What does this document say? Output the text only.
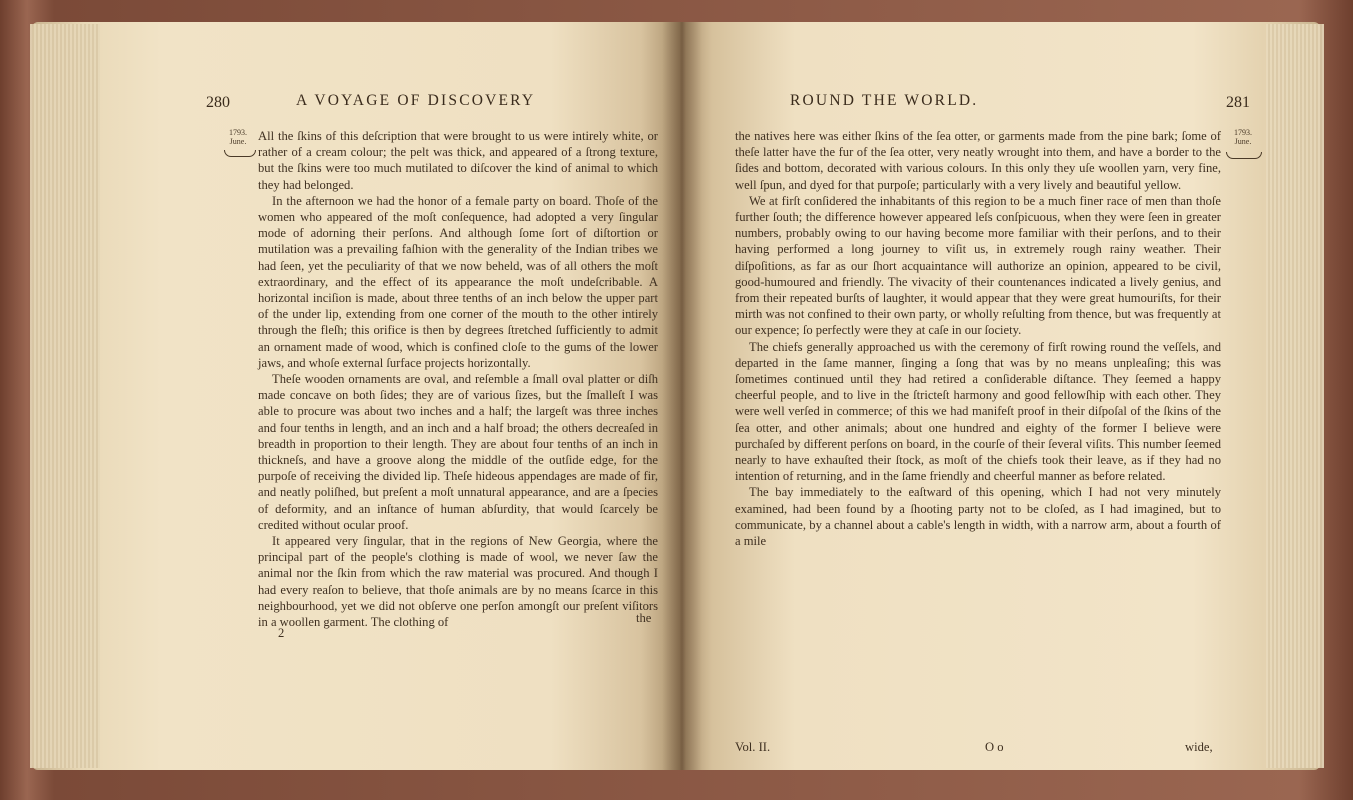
280	A VOYAGE OF DISCOVERY
1793.
June. All the ſkins of this deſcription that were brought to us were intirely white, or rather of a cream colour; the pelt was thick, and appeared of a ſtrong texture, but the ſkins were too much mutilated to diſcover the kind of animal to which they had belonged.

In the afternoon we had the honor of a female party on board. Thoſe of the women who appeared of the moſt conſequence, had adopted a very ſingular mode of adorning their perſons. And although ſome ſort of diſtortion or mutilation was a prevailing faſhion with the generality of the Indian tribes we had ſeen, yet the peculiarity of that we now beheld, was of all others the moſt extraordinary, and the effect of its appearance the moſt undeſcribable. A horizontal inciſion is made, about three tenths of an inch below the upper part of the under lip, extending from one corner of the mouth to the other intirely through the fleſh; this orifice is then by degrees ſtretched ſufficiently to admit an ornament made of wood, which is confined cloſe to the gums of the lower jaws, and whoſe external ſurface projects horizontally.

Theſe wooden ornaments are oval, and reſemble a ſmall oval platter or diſh made concave on both ſides; they are of various ſizes, but the ſmalleſt I was able to procure was about two inches and a half; the largeſt was three inches and four tenths in length, and an inch and a half broad; the others decreaſed in breadth in proportion to their length. They are about four tenths of an inch in thickneſs, and have a groove along the middle of the outſide edge, for the purpoſe of receiving the divided lip. Theſe hideous appendages are made of fir, and neatly poliſhed, but preſent a moſt unnatural appearance, and are a ſpecies of deformity, and an inſtance of human abſurdity, that would ſcarcely be credited without ocular proof.

It appeared very ſingular, that in the regions of New Georgia, where the principal part of the people's clothing is made of wool, we never ſaw the animal nor the ſkin from which the raw material was procured. And though I had every reaſon to believe, that thoſe animals are by no means ſcarce in this neighbourhood, yet we did not obſerve one perſon amongſt our preſent viſitors in a woollen garment. The clothing of

2
the
ROUND THE WORLD.	281
1793.
June.

the natives here was either ſkins of the ſea otter, or garments made from the pine bark; ſome of theſe latter have the fur of the ſea otter, very neatly wrought into them, and have a border to the ſides and bottom, decorated with various colours. In this only they uſe woollen yarn, very fine, well ſpun, and dyed for that purpoſe; particularly with a very lively and beautiful yellow.

We at firſt conſidered the inhabitants of this region to be a much finer race of men than thoſe further ſouth; the difference however appeared leſs conſpicuous, when they were ſeen in greater numbers, probably owing to our having become more familiar with their perſons, and to their having performed a long journey to viſit us, in extremely rough rainy weather. Their diſpoſitions, as far as our ſhort acquaintance will authorize an opinion, appeared to be civil, good-humoured and friendly. The vivacity of their countenances indicated a lively genius, and from their repeated burſts of laughter, it would appear that they were great humouriſts, for their mirth was not confined to their own party, or wholly reſulting from thence, but was frequently at our expence; ſo perfectly were they at caſe in our ſociety.

The chiefs generally approached us with the ceremony of firſt rowing round the veſſels, and departed in the ſame manner, ſinging a ſong that was by no means unpleaſing; this was ſometimes continued until they had retired a conſiderable diſtance. They ſeemed a happy cheerful people, and to live in the ſtricteſt harmony and good fellowſhip with each other. They were well verſed in commerce; of this we had manifeſt proof in their diſpoſal of the ſkins of the ſea otter, and other animals; about one hundred and eighty of the former I believe were purchaſed by different perſons on board, in the courſe of their ſeveral viſits. This number ſeemed nearly to have exhauſted their ſtock, as moſt of the chiefs took their leave, as if they had no intention of returning, and in the ſame friendly and cheerful manner as before related.

The bay immediately to the eaſtward of this opening, which I had not very minutely examined, had been found by a ſhooting party not to be cloſed, as I had imagined, but to communicate, by a channel about a cable's length in width, with a narrow arm, about a fourth of a mile

Vol. II.	O o	wide,
